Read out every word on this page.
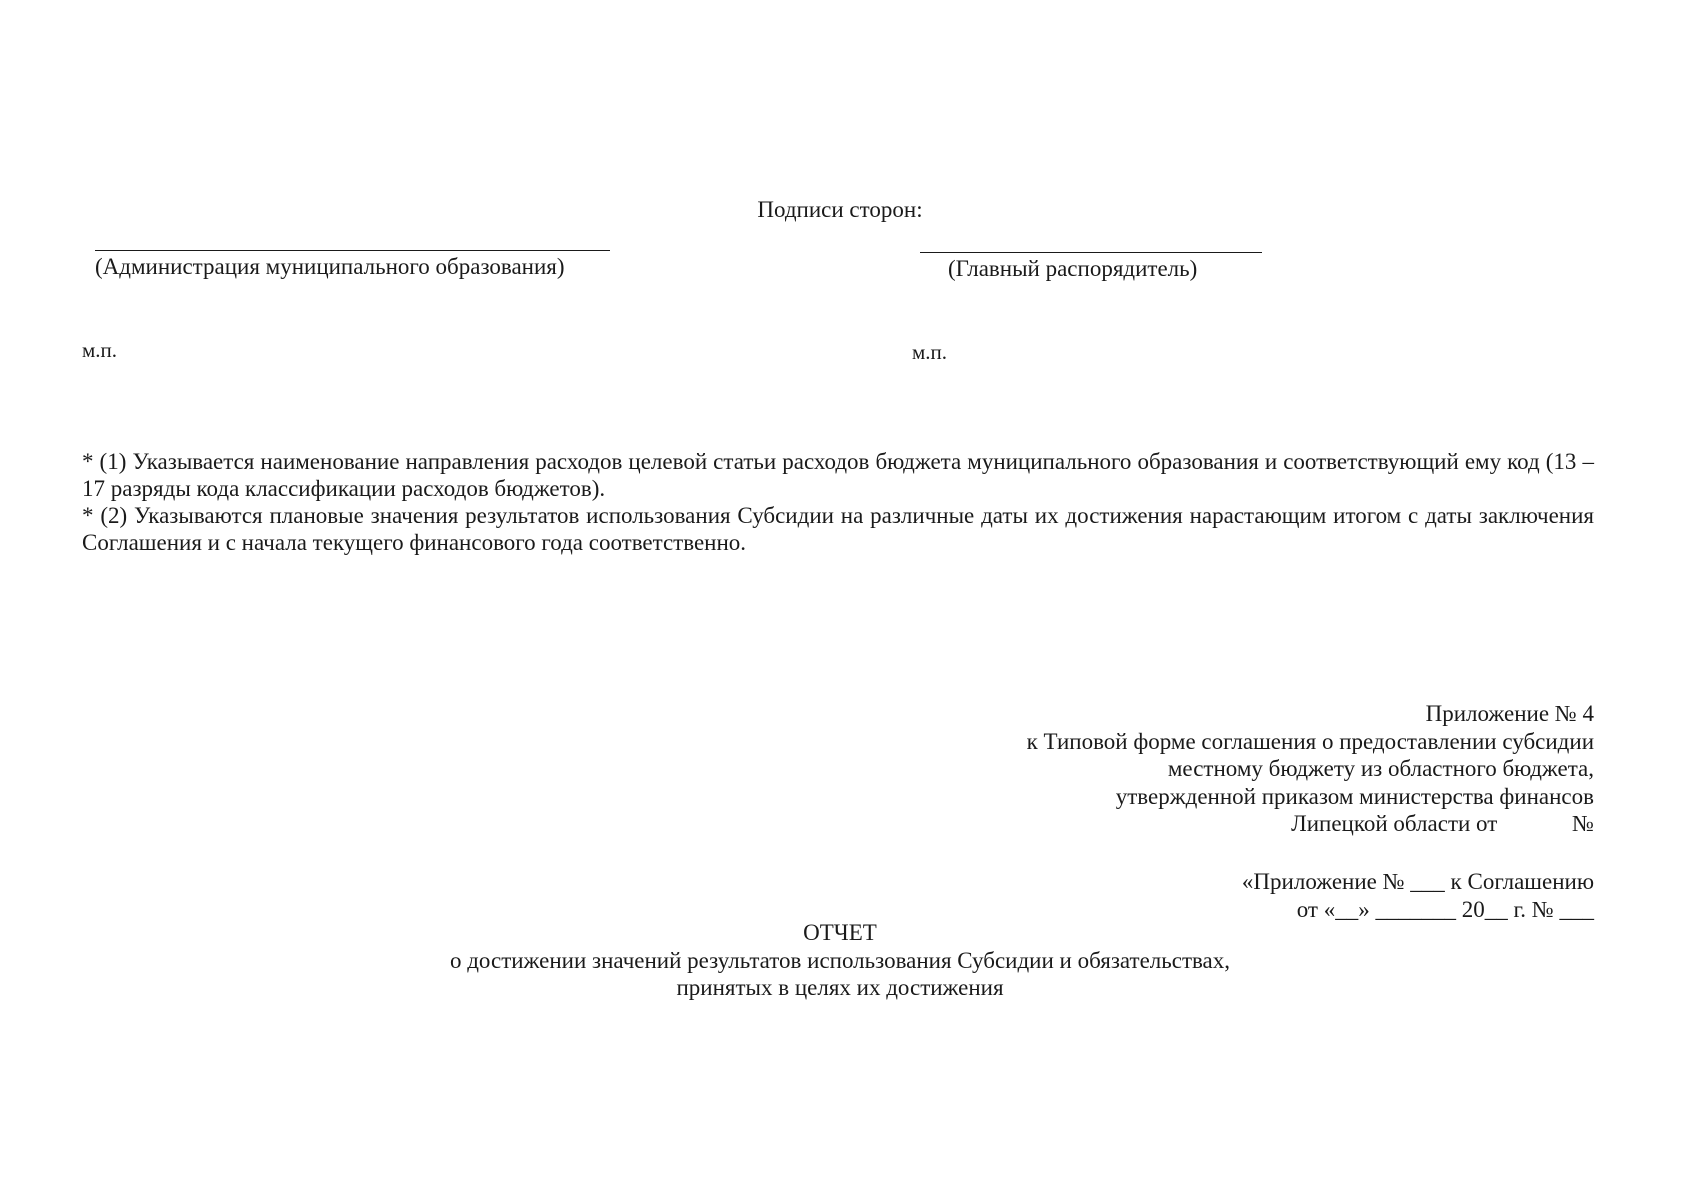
Подписи сторон:
(Администрация муниципального образования)	(Главный распорядитель)
м.п.	м.п.

* (1) Указывается наименование направления расходов целевой статьи расходов бюджета муниципального образования и соответствующий ему код (13 – 17 разряды кода классификации расходов бюджетов).

* (2) Указываются плановые значения результатов использования Субсидии на различные даты их достижения нарастающим итогом с даты заключения Соглашения и с начала текущего финансового года соответственно.

Приложение № 4
к Типовой форме соглашения о предоставлении субсидии
местному бюджету из областного бюджета,
утвержденной приказом министерства финансов
Липецкой области от             №
«Приложение № ___ к Соглашению
от «__» _______ 20__ г. № ___
ОТЧЕТ
о достижении значений результатов использования Субсидии и обязательствах,
принятых в целях их достижения
